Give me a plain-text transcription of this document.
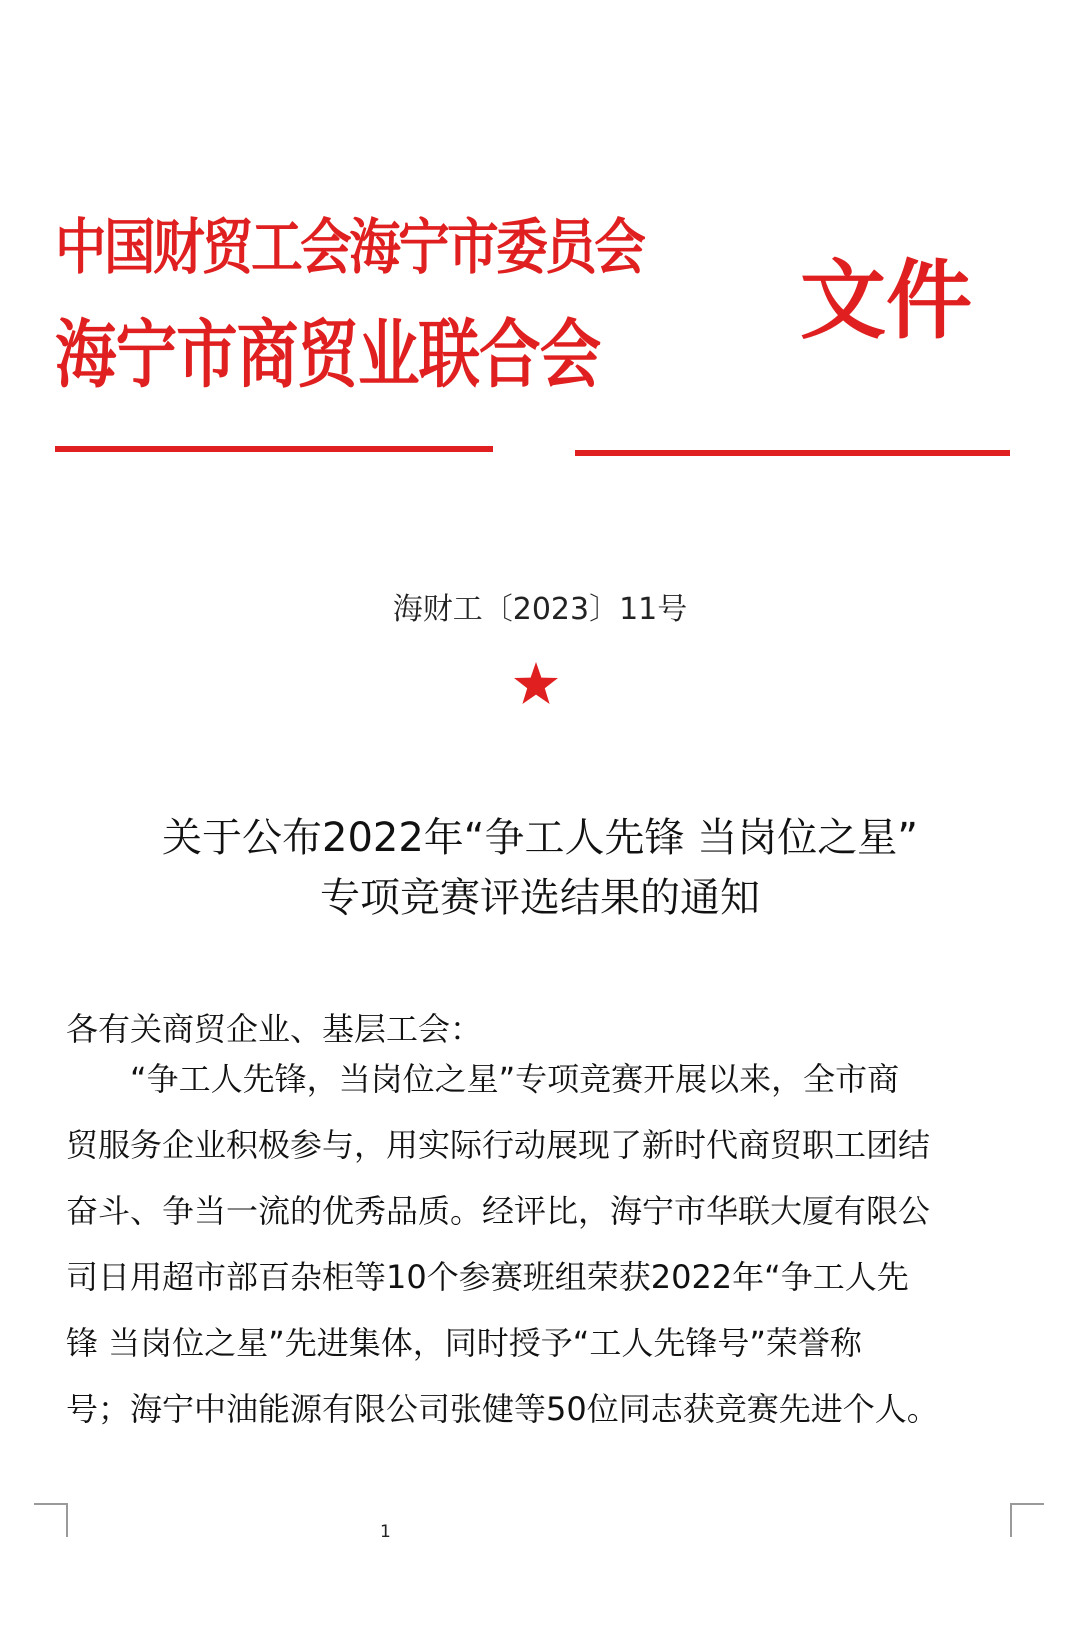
中国财贸工会海宁市委员会
海宁市商贸业联合会
文件
海财工〔2023〕11号
关于公布2022年“争工人先锋 当岗位之星”
专项竞赛评选结果的通知
各有关商贸企业、基层工会：
“争工人先锋，当岗位之星”专项竞赛开展以来，全市商
贸服务企业积极参与，用实际行动展现了新时代商贸职工团结
奋斗、争当一流的优秀品质。经评比，海宁市华联大厦有限公
司日用超市部百杂柜等10个参赛班组荣获2022年“争工人先
锋 当岗位之星”先进集体，同时授予“工人先锋号”荣誉称
号；海宁中油能源有限公司张健等50位同志获竞赛先进个人。
1
